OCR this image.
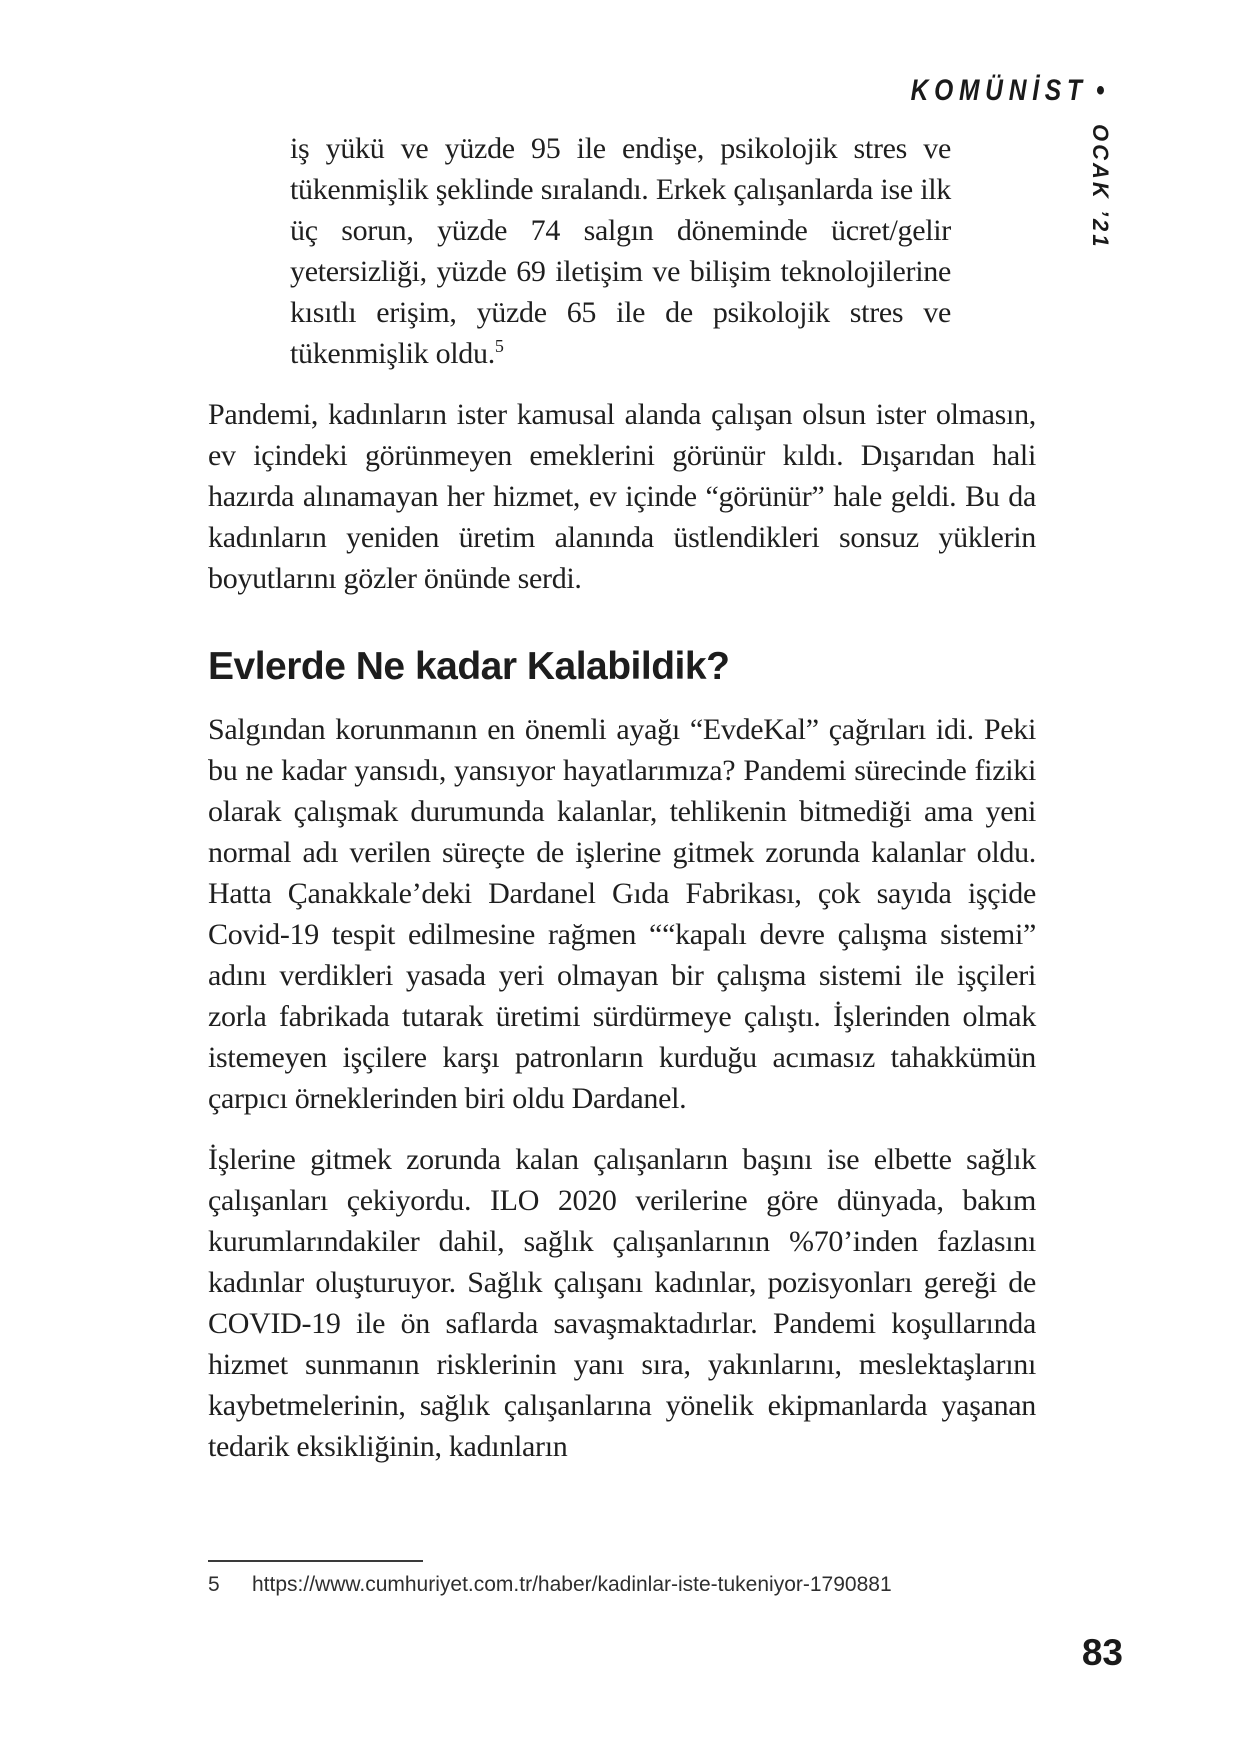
KOMÜNİST •
OCAK ’21
iş yükü ve yüzde 95 ile endişe, psikolojik stres ve tükenmişlik şeklinde sıralandı. Erkek çalışanlarda ise ilk üç sorun, yüzde 74 salgın döneminde ücret/gelir yetersizliği, yüzde 69 iletişim ve bilişim teknolojilerine kısıtlı erişim, yüzde 65 ile de psikolojik stres ve tükenmişlik oldu.$^5$

Pandemi, kadınların ister kamusal alanda çalışan olsun ister olmasın, ev içindeki görünmeyen emeklerini görünür kıldı. Dışarıdan hali hazırda alınamayan her hizmet, ev içinde “görünür” hale geldi. Bu da kadınların yeniden üretim alanında üstlendikleri sonsuz yüklerin boyutlarını gözler önünde serdi.

Evlerde Ne kadar Kalabildik?

Salgından korunmanın en önemli ayağı “EvdeKal” çağrıları idi. Peki bu ne kadar yansıdı, yansıyor hayatlarımıza? Pandemi sürecinde fiziki olarak çalışmak durumunda kalanlar, tehlikenin bitmediği ama yeni normal adı verilen süreçte de işlerine gitmek zorunda kalanlar oldu. Hatta Çanakkale’deki Dardanel Gıda Fabrikası, çok sayıda işçide Covid-19 tespit edilmesine rağmen ““kapalı devre çalışma sistemi” adını verdikleri yasada yeri olmayan bir çalışma sistemi ile işçileri zorla fabrikada tutarak üretimi sürdürmeye çalıştı. İşlerinden olmak istemeyen işçilere karşı patronların kurduğu acımasız tahakkümün çarpıcı örneklerinden biri oldu Dardanel.

İşlerine gitmek zorunda kalan çalışanların başını ise elbette sağlık çalışanları çekiyordu. ILO 2020 verilerine göre dünyada, bakım kurumlarındakiler dahil, sağlık çalışanlarının %70’inden fazlasını kadınlar oluşturuyor. Sağlık çalışanı kadınlar, pozisyonları gereği de COVID-19 ile ön saflarda savaşmaktadırlar. Pandemi koşullarında hizmet sunmanın risklerinin yanı sıra, yakınlarını, meslektaşlarını kaybetmelerinin, sağlık çalışanlarına yönelik ekipmanlarda yaşanan tedarik eksikliğinin, kadınların

5 https://www.cumhuriyet.com.tr/haber/kadinlar-iste-tukeniyor-1790881
83
